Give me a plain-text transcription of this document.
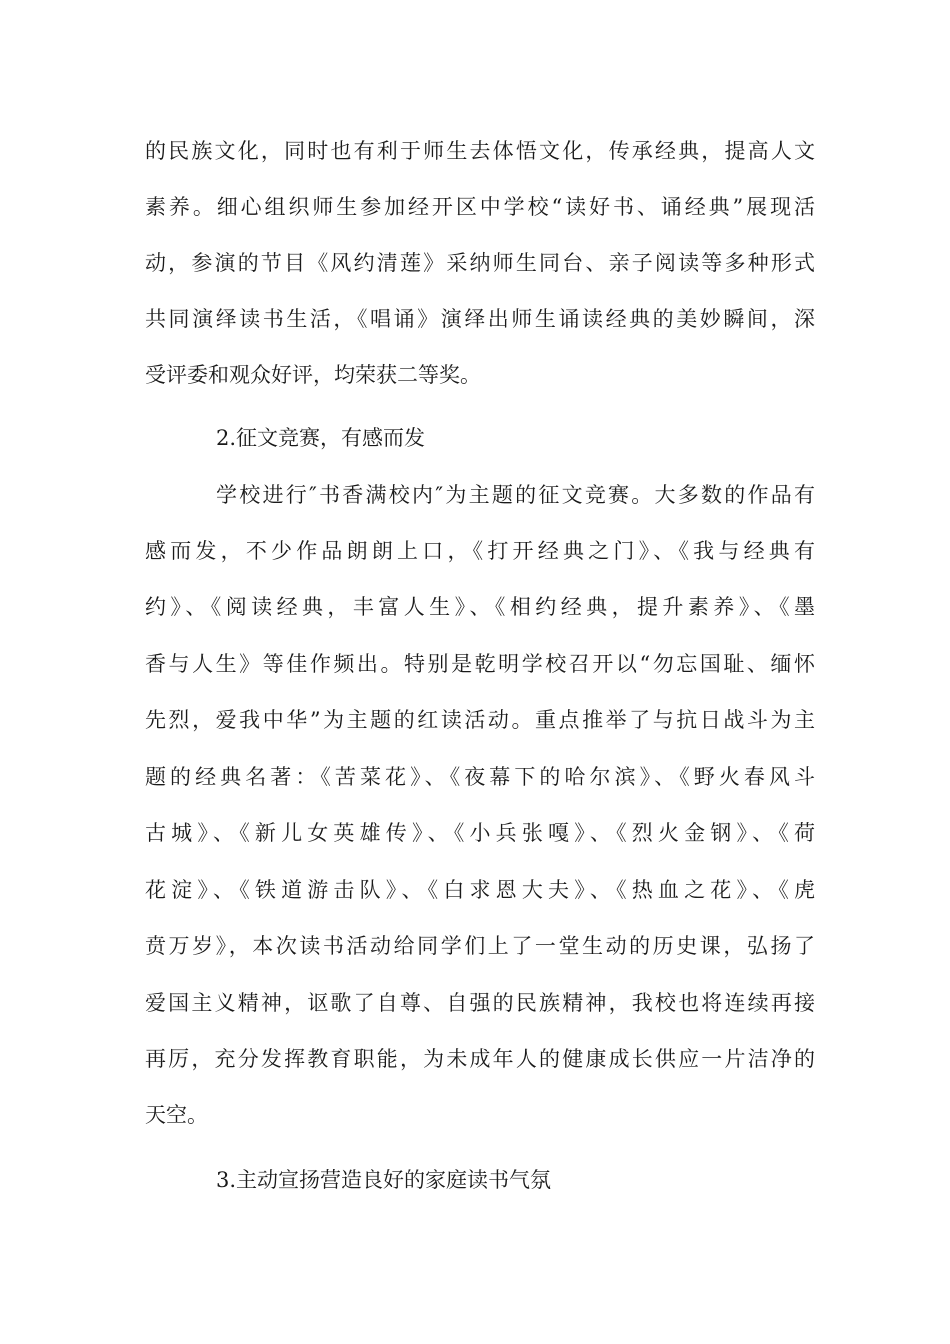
的民族文化，同时也有利于师生去体悟文化，传承经典，提高人文
素养。细心组织师生参加经开区中学校“读好书、诵经典”展现活
动，参演的节目《风约清莲》采纳师生同台、亲子阅读等多种形式
共同演绎读书生活，《唱诵》演绎出师生诵读经典的美妙瞬间，深
受评委和观众好评，均荣获二等奖。
2.征文竞赛，有感而发
学校进行″书香满校内″为主题的征文竞赛。大多数的作品有
感而发，不少作品朗朗上口，《打开经典之门》、《我与经典有
约》、《阅读经典，丰富人生》、《相约经典，提升素养》、《墨
香与人生》等佳作频出。特别是乾明学校召开以“勿忘国耻、缅怀
先烈，爱我中华”为主题的红读活动。重点推举了与抗日战斗为主
题的经典名著：《苦菜花》、《夜幕下的哈尔滨》、《野火春风斗
古城》、《新儿女英雄传》、《小兵张嘎》、《烈火金钢》、《荷
花淀》、《铁道游击队》、《白求恩大夫》、《热血之花》、《虎
贲万岁》，本次读书活动给同学们上了一堂生动的历史课，弘扬了
爱国主义精神，讴歌了自尊、自强的民族精神，我校也将连续再接
再厉，充分发挥教育职能，为未成年人的健康成长供应一片洁净的
天空。
3.主动宣扬营造良好的家庭读书气氛
